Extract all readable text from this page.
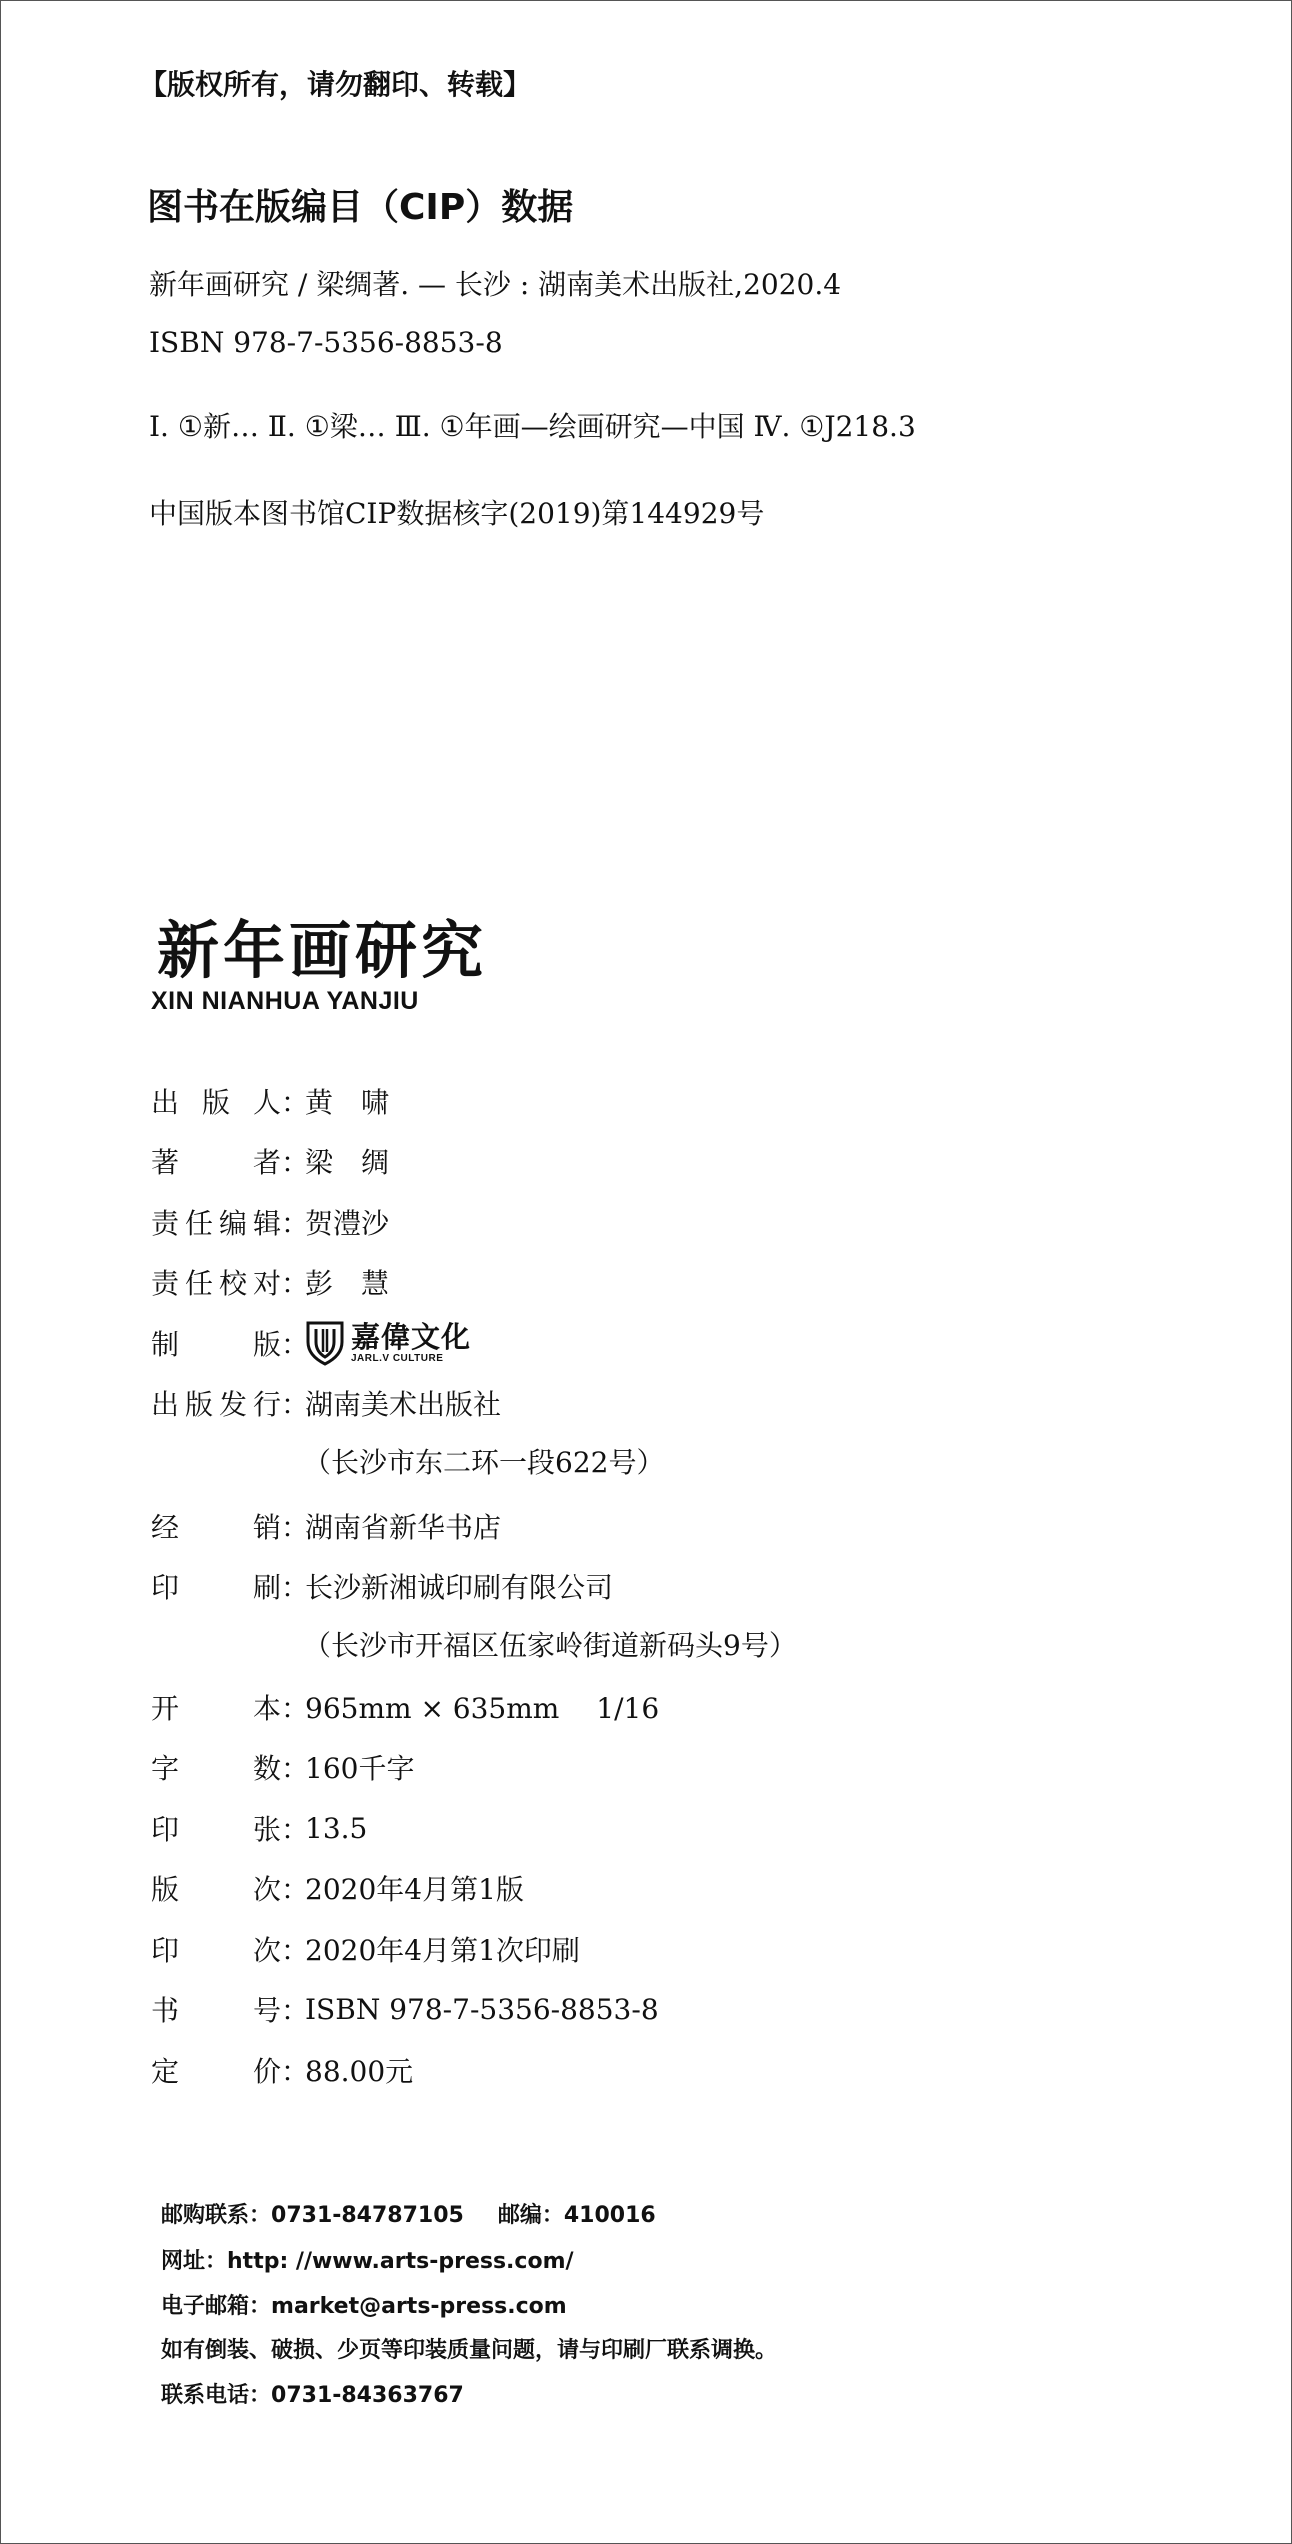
【版权所有，请勿翻印、转载】
图书在版编目（CIP）数据
新年画研究 / 梁绸著. — 长沙 : 湖南美术出版社,2020.4
ISBN 978-7-5356-8853-8
Ⅰ. ①新… Ⅱ. ①梁… Ⅲ. ①年画—绘画研究—中国 Ⅳ. ①J218.3
中国版本图书馆CIP数据核字(2019)第144929号
新年画研究
XIN NIANHUA YANJIU
出版人 ：
黄　啸
著者 ：
梁　绸
责任编辑 ：
贺澧沙
责任校对 ：
彭　慧
制版 ： 嘉偉文化
JARL.V CULTURE
出版发行 ：
湖南美术出版社
（长沙市东二环一段622号）
经销 ：
湖南省新华书店
印刷 ：
长沙新湘诚印刷有限公司
（长沙市开福区伍家岭街道新码头9号）
开本 ：
965mm × 635mm　 1/16
字数 ：
160千字
印张 ：
13.5
版次 ：
2020年4月第1版
印次 ：
2020年4月第1次印刷
书号 ：
ISBN 978-7-5356-8853-8
定价 ：
88.00元
邮购联系：0731-84787105 邮编：410016
网址：http: //www.arts-press.com/
电子邮箱：market@arts-press.com
如有倒装、破损、少页等印装质量问题，请与印刷厂联系调换。
联系电话：0731-84363767
